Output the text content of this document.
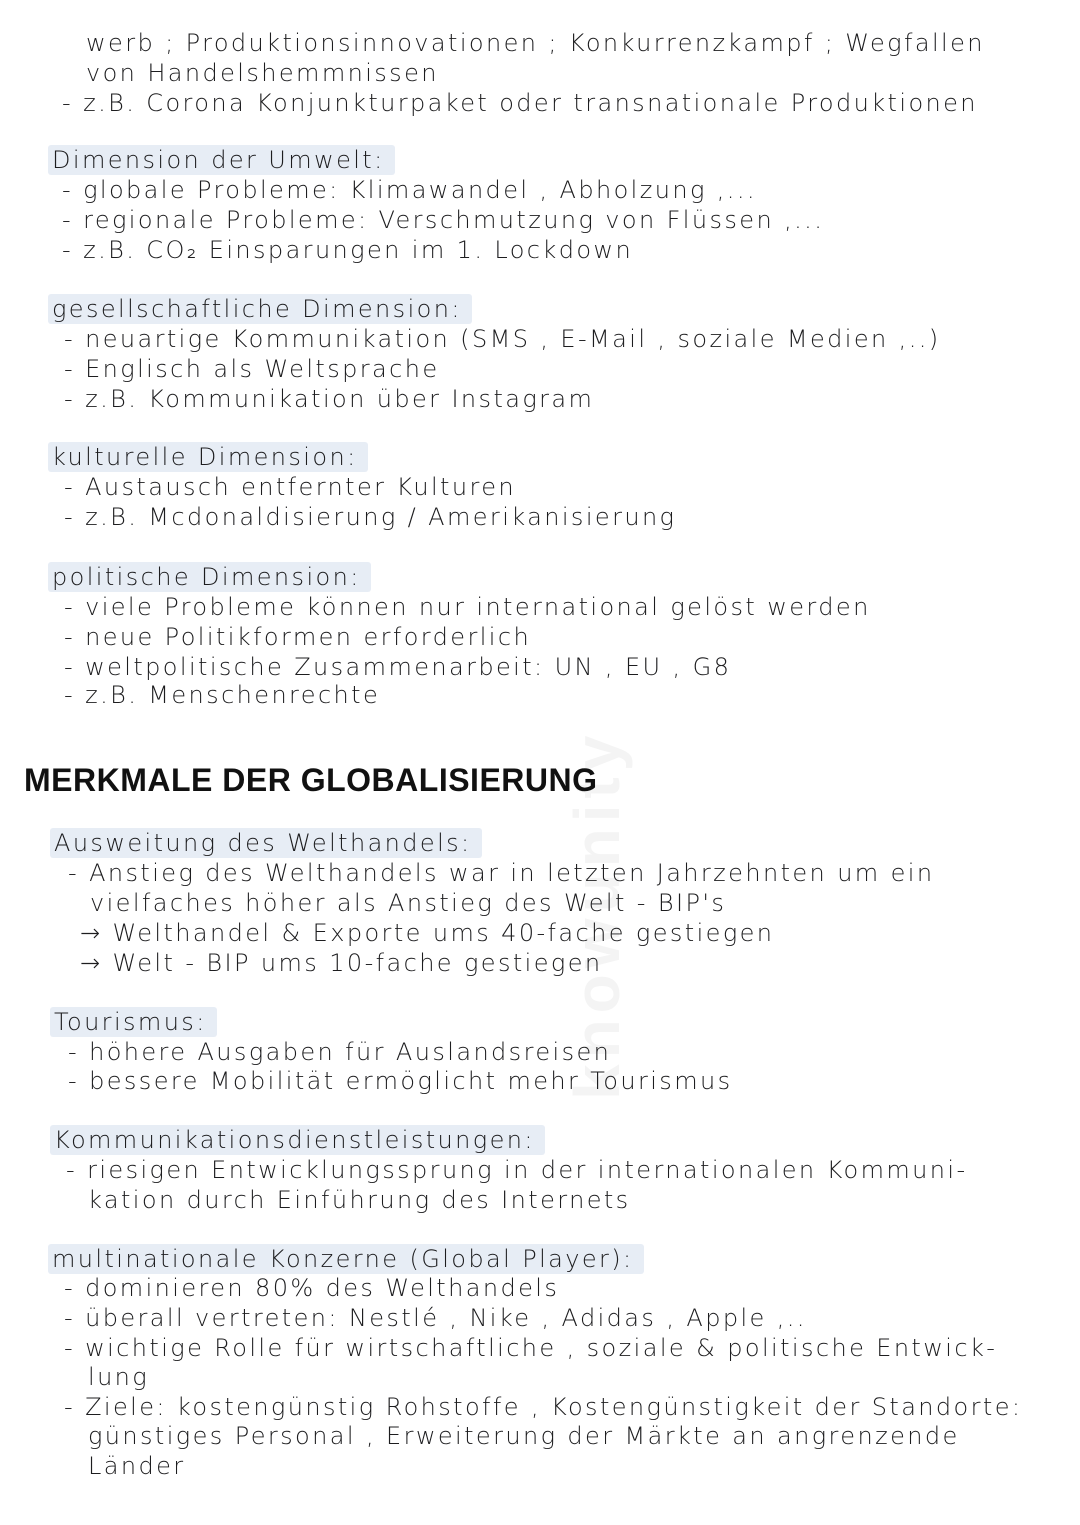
knowunity
werb ; Produktionsinnovationen ; Konkurrenzkampf ; Wegfallen
von Handelshemmnissen
- z.B. Corona Konjunkturpaket oder transnationale Produktionen
Dimension der Umwelt:
- globale Probleme: Klimawandel , Abholzung ,...
- regionale Probleme: Verschmutzung von Flüssen ,...
- z.B. CO₂ Einsparungen im 1. Lockdown
gesellschaftliche Dimension:
- neuartige Kommunikation (SMS , E-Mail , soziale Medien ,..)
- Englisch als Weltsprache
- z.B. Kommunikation über Instagram
kulturelle Dimension:
- Austausch entfernter Kulturen
- z.B. Mcdonaldisierung / Amerikanisierung
politische Dimension:
- viele Probleme können nur international gelöst werden
- neue Politikformen erforderlich
- weltpolitische Zusammenarbeit: UN , EU , G8
- z.B. Menschenrechte
MERKMALE DER GLOBALISIERUNG
Ausweitung des Welthandels:
- Anstieg des Welthandels war in letzten Jahrzehnten um ein
vielfaches höher als Anstieg des Welt - BIP's
→ Welthandel & Exporte ums 40-fache gestiegen
→ Welt - BIP ums 10-fache gestiegen
Tourismus:
- höhere Ausgaben für Auslandsreisen
- bessere Mobilität ermöglicht mehr Tourismus
Kommunikationsdienstleistungen:
- riesigen Entwicklungssprung in der internationalen Kommuni-
kation durch Einführung des Internets
multinationale Konzerne (Global Player):
- dominieren 80% des Welthandels
- überall vertreten: Nestlé , Nike , Adidas , Apple ,..
- wichtige Rolle für wirtschaftliche , soziale & politische Entwick-
lung
- Ziele: kostengünstig Rohstoffe , Kostengünstigkeit der Standorte:
günstiges Personal , Erweiterung der Märkte an angrenzende
Länder
